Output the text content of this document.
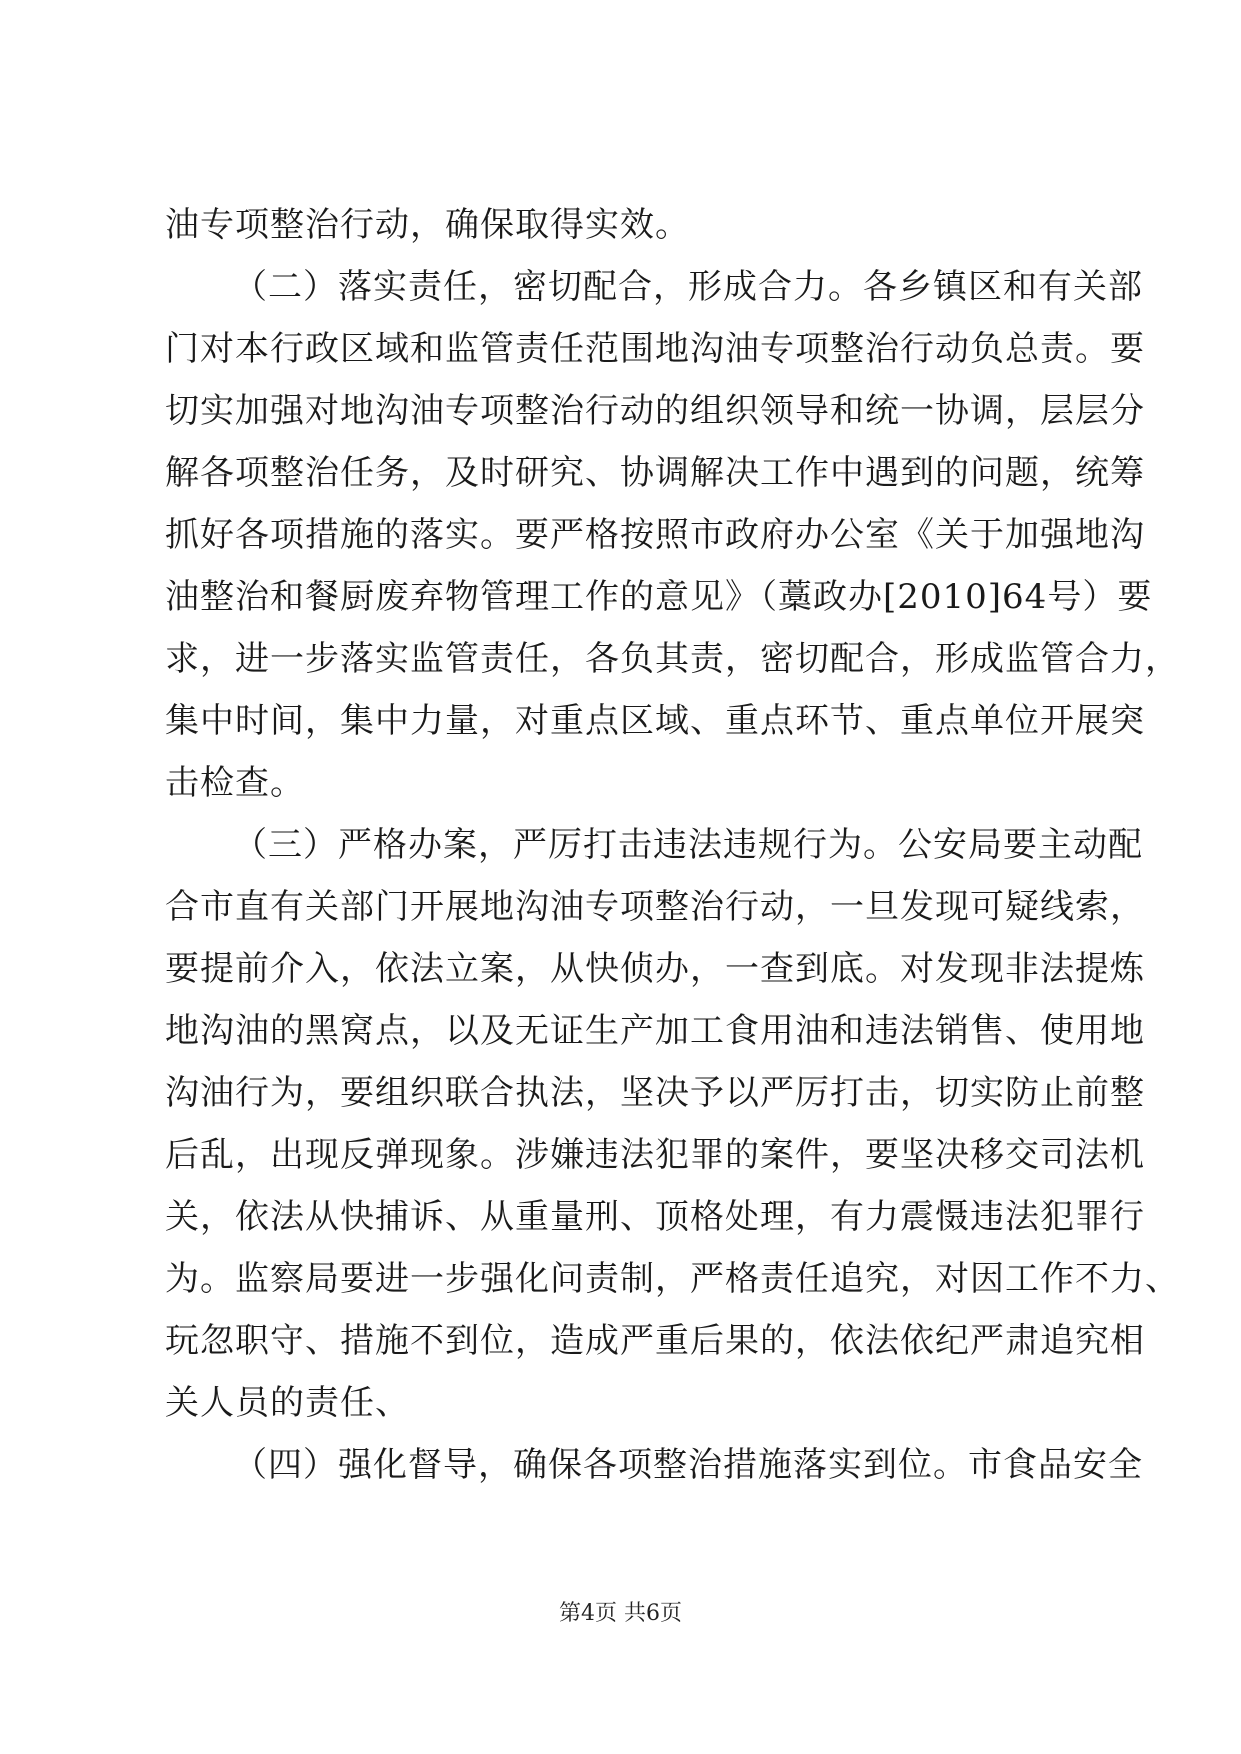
油专项整治行动，确保取得实效。
（二）落实责任，密切配合，形成合力。各乡镇区和有关部
门对本行政区域和监管责任范围地沟油专项整治行动负总责。要
切实加强对地沟油专项整治行动的组织领导和统一协调，层层分
解各项整治任务，及时研究、协调解决工作中遇到的问题，统筹
抓好各项措施的落实。要严格按照市政府办公室《关于加强地沟
油整治和餐厨废弃物管理工作的意见》（藁政办[2010]64号）要
求，进一步落实监管责任，各负其责，密切配合，形成监管合力，
集中时间，集中力量，对重点区域、重点环节、重点单位开展突
击检查。
（三）严格办案，严厉打击违法违规行为。公安局要主动配
合市直有关部门开展地沟油专项整治行动，一旦发现可疑线索，
要提前介入，依法立案，从快侦办，一查到底。对发现非法提炼
地沟油的黑窝点，以及无证生产加工食用油和违法销售、使用地
沟油行为，要组织联合执法，坚决予以严厉打击，切实防止前整
后乱，出现反弹现象。涉嫌违法犯罪的案件，要坚决移交司法机
关，依法从快捕诉、从重量刑、顶格处理，有力震慑违法犯罪行
为。监察局要进一步强化问责制，严格责任追究，对因工作不力、
玩忽职守、措施不到位，造成严重后果的，依法依纪严肃追究相
关人员的责任、
（四）强化督导，确保各项整治措施落实到位。市食品安全
第4页 共6页
